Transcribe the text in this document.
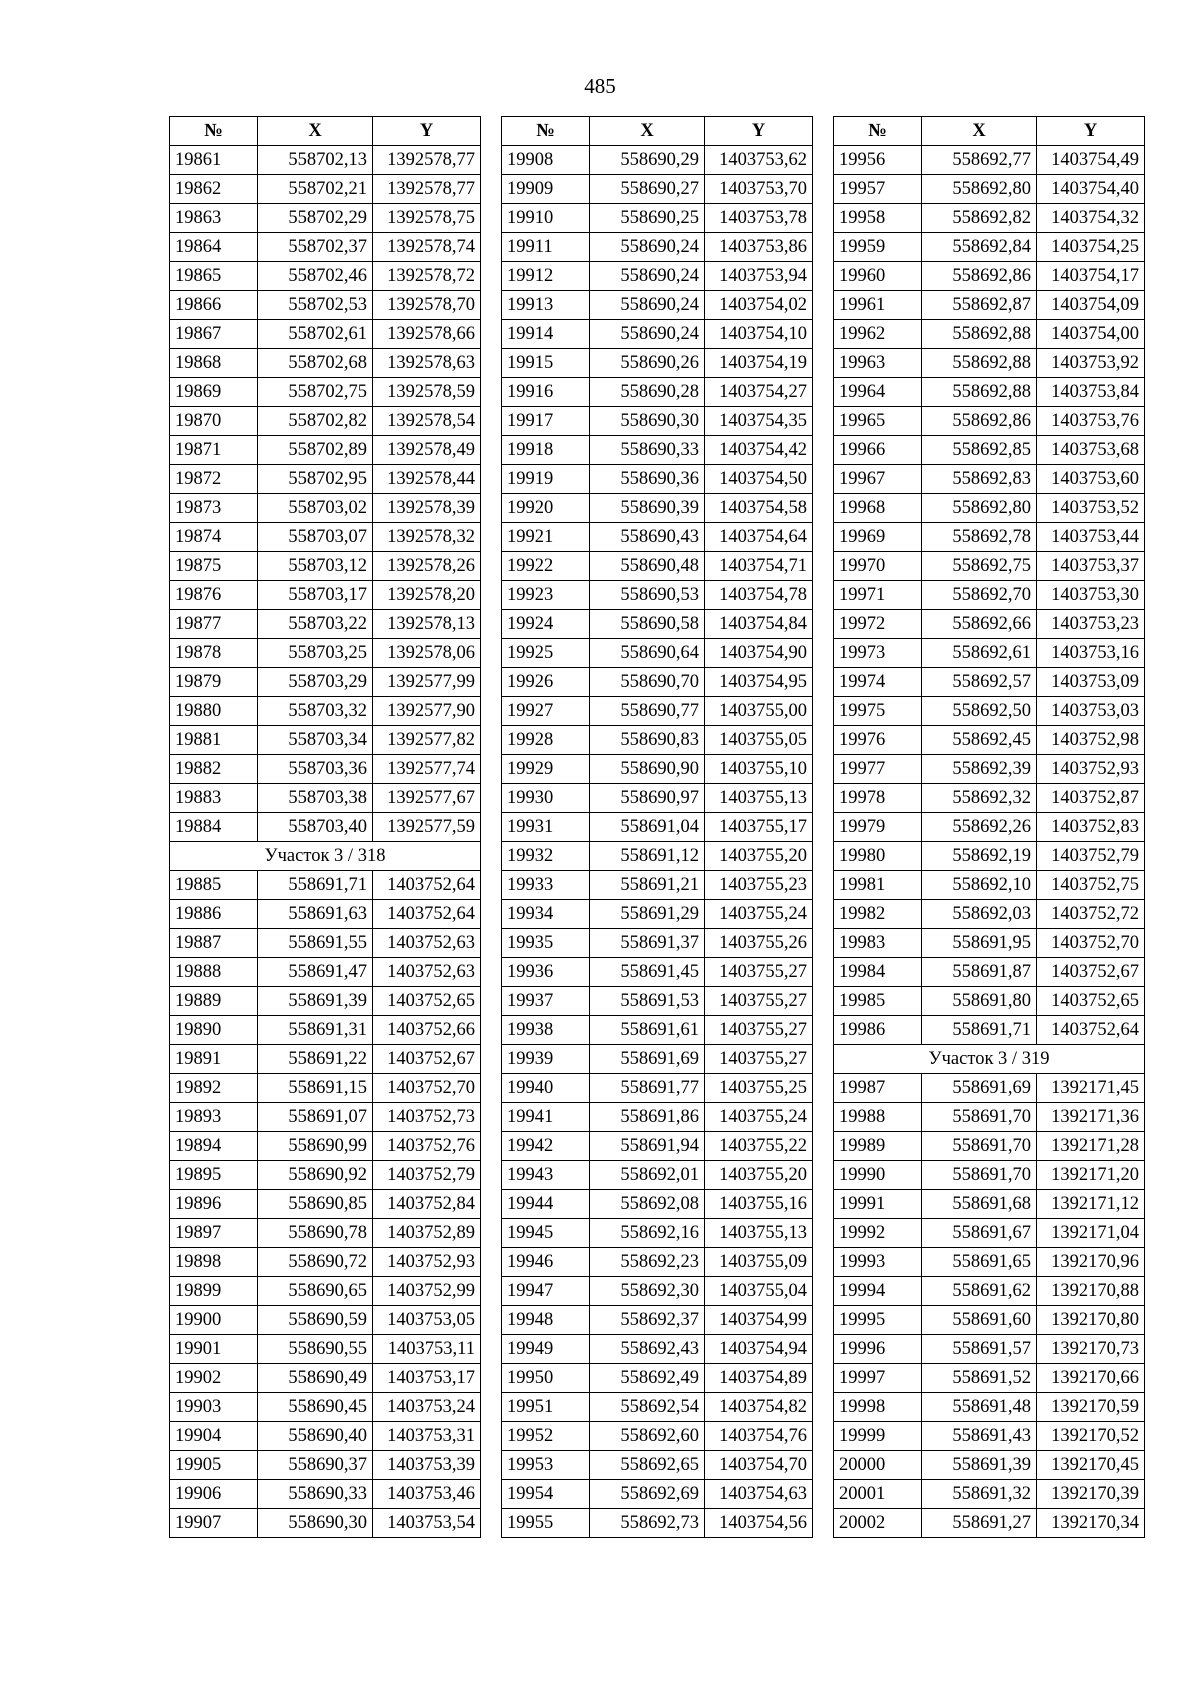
485
№	X	Y
19861	558702,13	1392578,77
19862	558702,21	1392578,77
19863	558702,29	1392578,75
19864	558702,37	1392578,74
19865	558702,46	1392578,72
19866	558702,53	1392578,70
19867	558702,61	1392578,66
19868	558702,68	1392578,63
19869	558702,75	1392578,59
19870	558702,82	1392578,54
19871	558702,89	1392578,49
19872	558702,95	1392578,44
19873	558703,02	1392578,39
19874	558703,07	1392578,32
19875	558703,12	1392578,26
19876	558703,17	1392578,20
19877	558703,22	1392578,13
19878	558703,25	1392578,06
19879	558703,29	1392577,99
19880	558703,32	1392577,90
19881	558703,34	1392577,82
19882	558703,36	1392577,74
19883	558703,38	1392577,67
19884	558703,40	1392577,59
Участок 3 / 318		
19885	558691,71	1403752,64
19886	558691,63	1403752,64
19887	558691,55	1403752,63
19888	558691,47	1403752,63
19889	558691,39	1403752,65
19890	558691,31	1403752,66
19891	558691,22	1403752,67
19892	558691,15	1403752,70
19893	558691,07	1403752,73
19894	558690,99	1403752,76
19895	558690,92	1403752,79
19896	558690,85	1403752,84
19897	558690,78	1403752,89
19898	558690,72	1403752,93
19899	558690,65	1403752,99
19900	558690,59	1403753,05
19901	558690,55	1403753,11
19902	558690,49	1403753,17
19903	558690,45	1403753,24
19904	558690,40	1403753,31
19905	558690,37	1403753,39
19906	558690,33	1403753,46
19907	558690,30	1403753,54
№	X	Y
19908	558690,29	1403753,62
19909	558690,27	1403753,70
19910	558690,25	1403753,78
19911	558690,24	1403753,86
19912	558690,24	1403753,94
19913	558690,24	1403754,02
19914	558690,24	1403754,10
19915	558690,26	1403754,19
19916	558690,28	1403754,27
19917	558690,30	1403754,35
19918	558690,33	1403754,42
19919	558690,36	1403754,50
19920	558690,39	1403754,58
19921	558690,43	1403754,64
19922	558690,48	1403754,71
19923	558690,53	1403754,78
19924	558690,58	1403754,84
19925	558690,64	1403754,90
19926	558690,70	1403754,95
19927	558690,77	1403755,00
19928	558690,83	1403755,05
19929	558690,90	1403755,10
19930	558690,97	1403755,13
19931	558691,04	1403755,17
19932	558691,12	1403755,20
19933	558691,21	1403755,23
19934	558691,29	1403755,24
19935	558691,37	1403755,26
19936	558691,45	1403755,27
19937	558691,53	1403755,27
19938	558691,61	1403755,27
19939	558691,69	1403755,27
19940	558691,77	1403755,25
19941	558691,86	1403755,24
19942	558691,94	1403755,22
19943	558692,01	1403755,20
19944	558692,08	1403755,16
19945	558692,16	1403755,13
19946	558692,23	1403755,09
19947	558692,30	1403755,04
19948	558692,37	1403754,99
19949	558692,43	1403754,94
19950	558692,49	1403754,89
19951	558692,54	1403754,82
19952	558692,60	1403754,76
19953	558692,65	1403754,70
19954	558692,69	1403754,63
19955	558692,73	1403754,56
№	X	Y
19956	558692,77	1403754,49
19957	558692,80	1403754,40
19958	558692,82	1403754,32
19959	558692,84	1403754,25
19960	558692,86	1403754,17
19961	558692,87	1403754,09
19962	558692,88	1403754,00
19963	558692,88	1403753,92
19964	558692,88	1403753,84
19965	558692,86	1403753,76
19966	558692,85	1403753,68
19967	558692,83	1403753,60
19968	558692,80	1403753,52
19969	558692,78	1403753,44
19970	558692,75	1403753,37
19971	558692,70	1403753,30
19972	558692,66	1403753,23
19973	558692,61	1403753,16
19974	558692,57	1403753,09
19975	558692,50	1403753,03
19976	558692,45	1403752,98
19977	558692,39	1403752,93
19978	558692,32	1403752,87
19979	558692,26	1403752,83
19980	558692,19	1403752,79
19981	558692,10	1403752,75
19982	558692,03	1403752,72
19983	558691,95	1403752,70
19984	558691,87	1403752,67
19985	558691,80	1403752,65
19986	558691,71	1403752,64
Участок 3 / 319		
19987	558691,69	1392171,45
19988	558691,70	1392171,36
19989	558691,70	1392171,28
19990	558691,70	1392171,20
19991	558691,68	1392171,12
19992	558691,67	1392171,04
19993	558691,65	1392170,96
19994	558691,62	1392170,88
19995	558691,60	1392170,80
19996	558691,57	1392170,73
19997	558691,52	1392170,66
19998	558691,48	1392170,59
19999	558691,43	1392170,52
20000	558691,39	1392170,45
20001	558691,32	1392170,39
20002	558691,27	1392170,34
